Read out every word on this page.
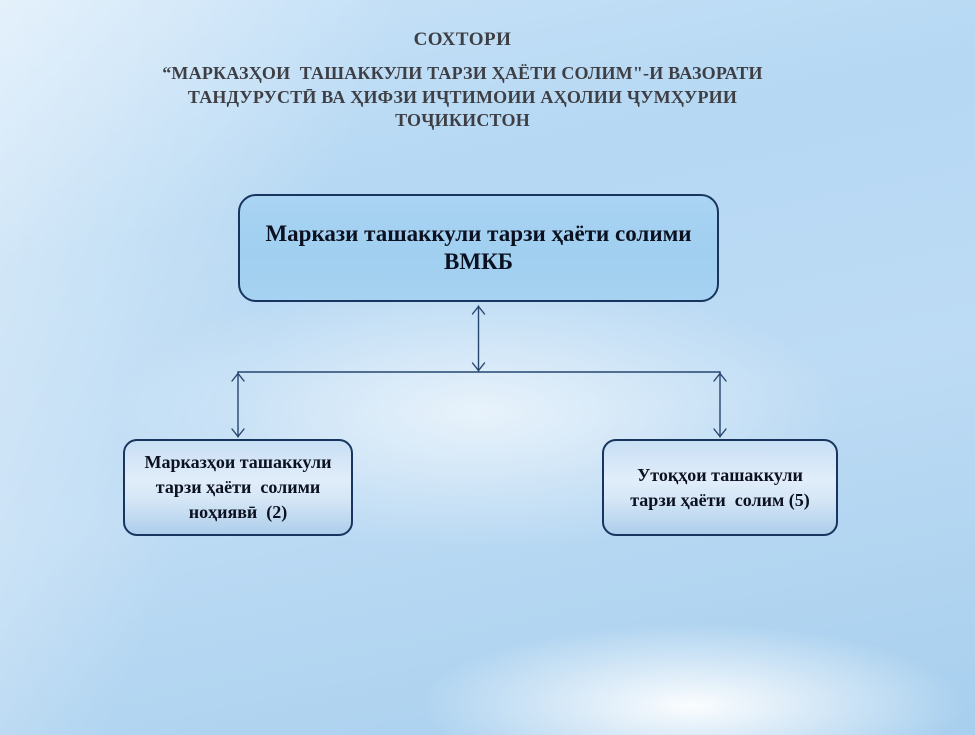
СОХТОРИ
“МАРКАЗҲОИ  ТАШАККУЛИ ТАРЗИ ҲАЁТИ СОЛИМ"-И ВАЗОРАТИ
ТАНДУРУСТӢ ВА ҲИФЗИ ИҶТИМОИИ АҲОЛИИ ҶУМҲУРИИ
ТОҶИКИСТОН
Маркази ташаккули тарзи ҳаёти солими
ВМКБ
Марказҳои ташаккули
тарзи ҳаёти  солими
ноҳиявӣ  (2)
Утоқҳои ташаккули
тарзи ҳаёти  солим (5)
